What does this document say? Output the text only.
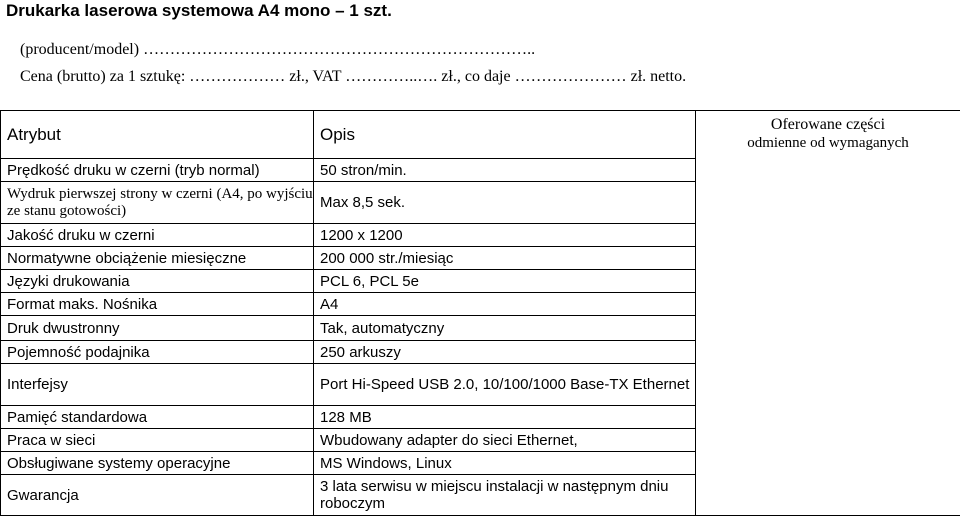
Drukarka laserowa systemowa A4 mono – 1 szt.
(producent/model) ………………………………………………………………..
Cena (brutto) za 1 sztukę: ……………… zł., VAT …………..…. zł., co daje ………………… zł. netto.
Atrybut	Opis	Oferowane części
odmienne od wymaganych

Prędkość druku w czerni (tryb normal)	50 stron/min.	
Wydruk pierwszej strony w czerni (A4, po wyjściu ze stanu gotowości)	Max 8,5 sek.	
Jakość druku w czerni	1200 x 1200	
Normatywne obciążenie miesięczne	200 000 str./miesiąc	
Języki drukowania	PCL 6, PCL 5e	
Format maks. Nośnika	A4	
Druk dwustronny	Tak, automatyczny	
Pojemność podajnika	250 arkuszy	
Interfejsy	Port Hi-Speed USB 2.0, 10/100/1000 Base-TX Ethernet	
Pamięć standardowa	128 MB	
Praca w sieci	Wbudowany adapter do sieci Ethernet,	
Obsługiwane systemy operacyjne	MS Windows, Linux	
Gwarancja	3 lata serwisu w miejscu instalacji w następnym dniu roboczym	
